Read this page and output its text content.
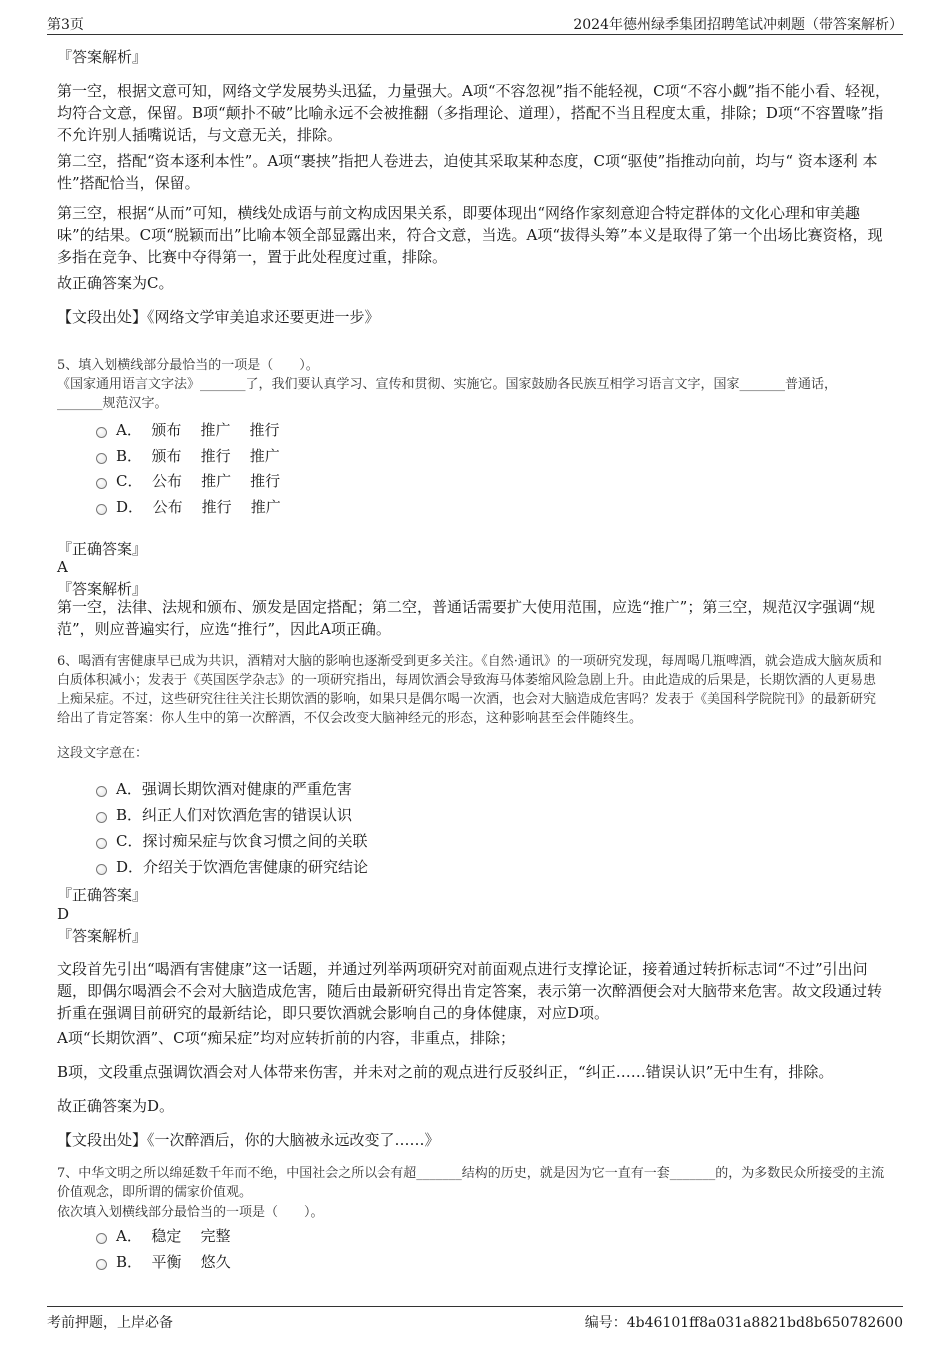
第3页	2024年德州绿季集团招聘笔试冲刺题（带答案解析）

『答案解析』

第一空，根据文意可知，网络文学发展势头迅猛，力量强大。A项“不容忽视”指不能轻视，C项“不容小觑”指不能小看、轻视，均符合文意，保留。B项“颠扑不破”比喻永远不会被推翻（多指理论、道理），搭配不当且程度太重，排除；D项“不容置喙”指不允许别人插嘴说话，与文意无关，排除。

第二空，搭配“资本逐利本性”。A项“裹挟”指把人卷进去，迫使其采取某种态度，C项“驱使”指推动向前，均与“ 资本逐利 本性”搭配恰当，保留。

第三空，根据“从而”可知，横线处成语与前文构成因果关系，即要体现出“网络作家刻意迎合特定群体的文化心理和审美趣味”的结果。C项“脱颖而出”比喻本领全部显露出来，符合文意，当选。A项“拔得头筹”本义是取得了第一个出场比赛资格，现多指在竞争、比赛中夺得第一，置于此处程度过重，排除。

故正确答案为C。

【文段出处】《网络文学审美追求还要更进一步》

5、填入划横线部分最恰当的一项是（　　）。

《国家通用语言文字法》_______了，我们要认真学习、宣传和贯彻、实施它。国家鼓励各民族互相学习语言文字，国家_______普通话，_______规范汉字。

A．  颁布    推广    推行
B．  颁布    推行    推广
C．  公布    推广    推行
D．  公布    推行    推广

『正确答案』

A

『答案解析』

第一空，法律、法规和颁布、颁发是固定搭配；第二空，普通话需要扩大使用范围，应选“推广”；第三空，规范汉字强调“规范”，则应普遍实行，应选“推行”，因此A项正确。

6、喝酒有害健康早已成为共识，酒精对大脑的影响也逐渐受到更多关注。《自然·通讯》的一项研究发现，每周喝几瓶啤酒，就会造成大脑灰质和白质体积减小；发表于《英国医学杂志》的一项研究指出，每周饮酒会导致海马体萎缩风险急剧上升。由此造成的后果是，长期饮酒的人更易患上痴呆症。不过，这些研究往往关注长期饮酒的影响，如果只是偶尔喝一次酒，也会对大脑造成危害吗？发表于《美国科学院院刊》的最新研究给出了肯定答案：你人生中的第一次醉酒，不仅会改变大脑神经元的形态，这种影响甚至会伴随终生。

这段文字意在：

A．强调长期饮酒对健康的严重危害
B．纠正人们对饮酒危害的错误认识
C．探讨痴呆症与饮食习惯之间的关联
D．介绍关于饮酒危害健康的研究结论

『正确答案』

D

『答案解析』

文段首先引出“喝酒有害健康”这一话题，并通过列举两项研究对前面观点进行支撑论证，接着通过转折标志词“不过”引出问题，即偶尔喝酒会不会对大脑造成危害，随后由最新研究得出肯定答案，表示第一次醉酒便会对大脑带来危害。故文段通过转折重在强调目前研究的最新结论，即只要饮酒就会影响自己的身体健康，对应D项。

A项“长期饮酒”、C项“痴呆症”均对应转折前的内容，非重点，排除；

B项，文段重点强调饮酒会对人体带来伤害，并未对之前的观点进行反驳纠正，“纠正……错误认识”无中生有，排除。

故正确答案为D。

【文段出处】《一次醉酒后，你的大脑被永远改变了……》

7、中华文明之所以绵延数千年而不绝，中国社会之所以会有超_______结构的历史，就是因为它一直有一套_______的，为多数民众所接受的主流价值观念，即所谓的儒家价值观。

依次填入划横线部分最恰当的一项是（　　）。

A．  稳定    完整
B．  平衡    悠久
考前押题，上岸必备	编号：4b46101ff8a031a8821bd8b650782600
